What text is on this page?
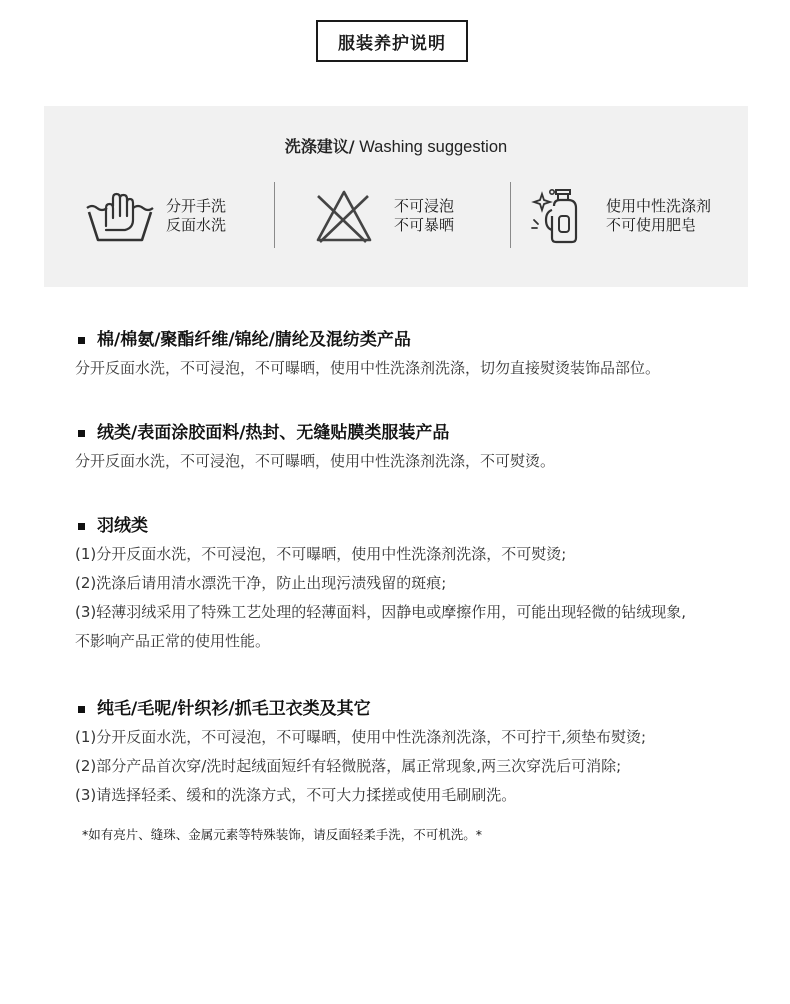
服装养护说明
洗涤建议/ Washing suggestion
分开手洗
反面水洗
不可浸泡
不可暴晒
使用中性洗涤剂
不可使用肥皂
棉/棉氨/聚酯纤维/锦纶/腈纶及混纺类产品
分开反面水洗，不可浸泡，不可曝晒，使用中性洗涤剂洗涤，切勿直接熨烫装饰品部位。
绒类/表面涂胶面料/热封、无缝贴膜类服装产品
分开反面水洗，不可浸泡，不可曝晒，使用中性洗涤剂洗涤，不可熨烫。
羽绒类
(1)分开反面水洗，不可浸泡，不可曝晒，使用中性洗涤剂洗涤，不可熨烫;
(2)洗涤后请用清水漂洗干净，防止出现污渍残留的斑痕;
(3)轻薄羽绒采用了特殊工艺处理的轻薄面料，因静电或摩擦作用，可能出现轻微的钻绒现象,
不影响产品正常的使用性能。
纯毛/毛呢/针织衫/抓毛卫衣类及其它
(1)分开反面水洗，不可浸泡，不可曝晒，使用中性洗涤剂洗涤，不可拧干,须垫布熨烫;
(2)部分产品首次穿/洗时起绒面短纤有轻微脱落，属正常现象,两三次穿洗后可消除;
(3)请选择轻柔、缓和的洗涤方式，不可大力揉搓或使用毛刷刷洗。
*如有亮片、缝珠、金属元素等特殊装饰，请反面轻柔手洗，不可机洗。*
